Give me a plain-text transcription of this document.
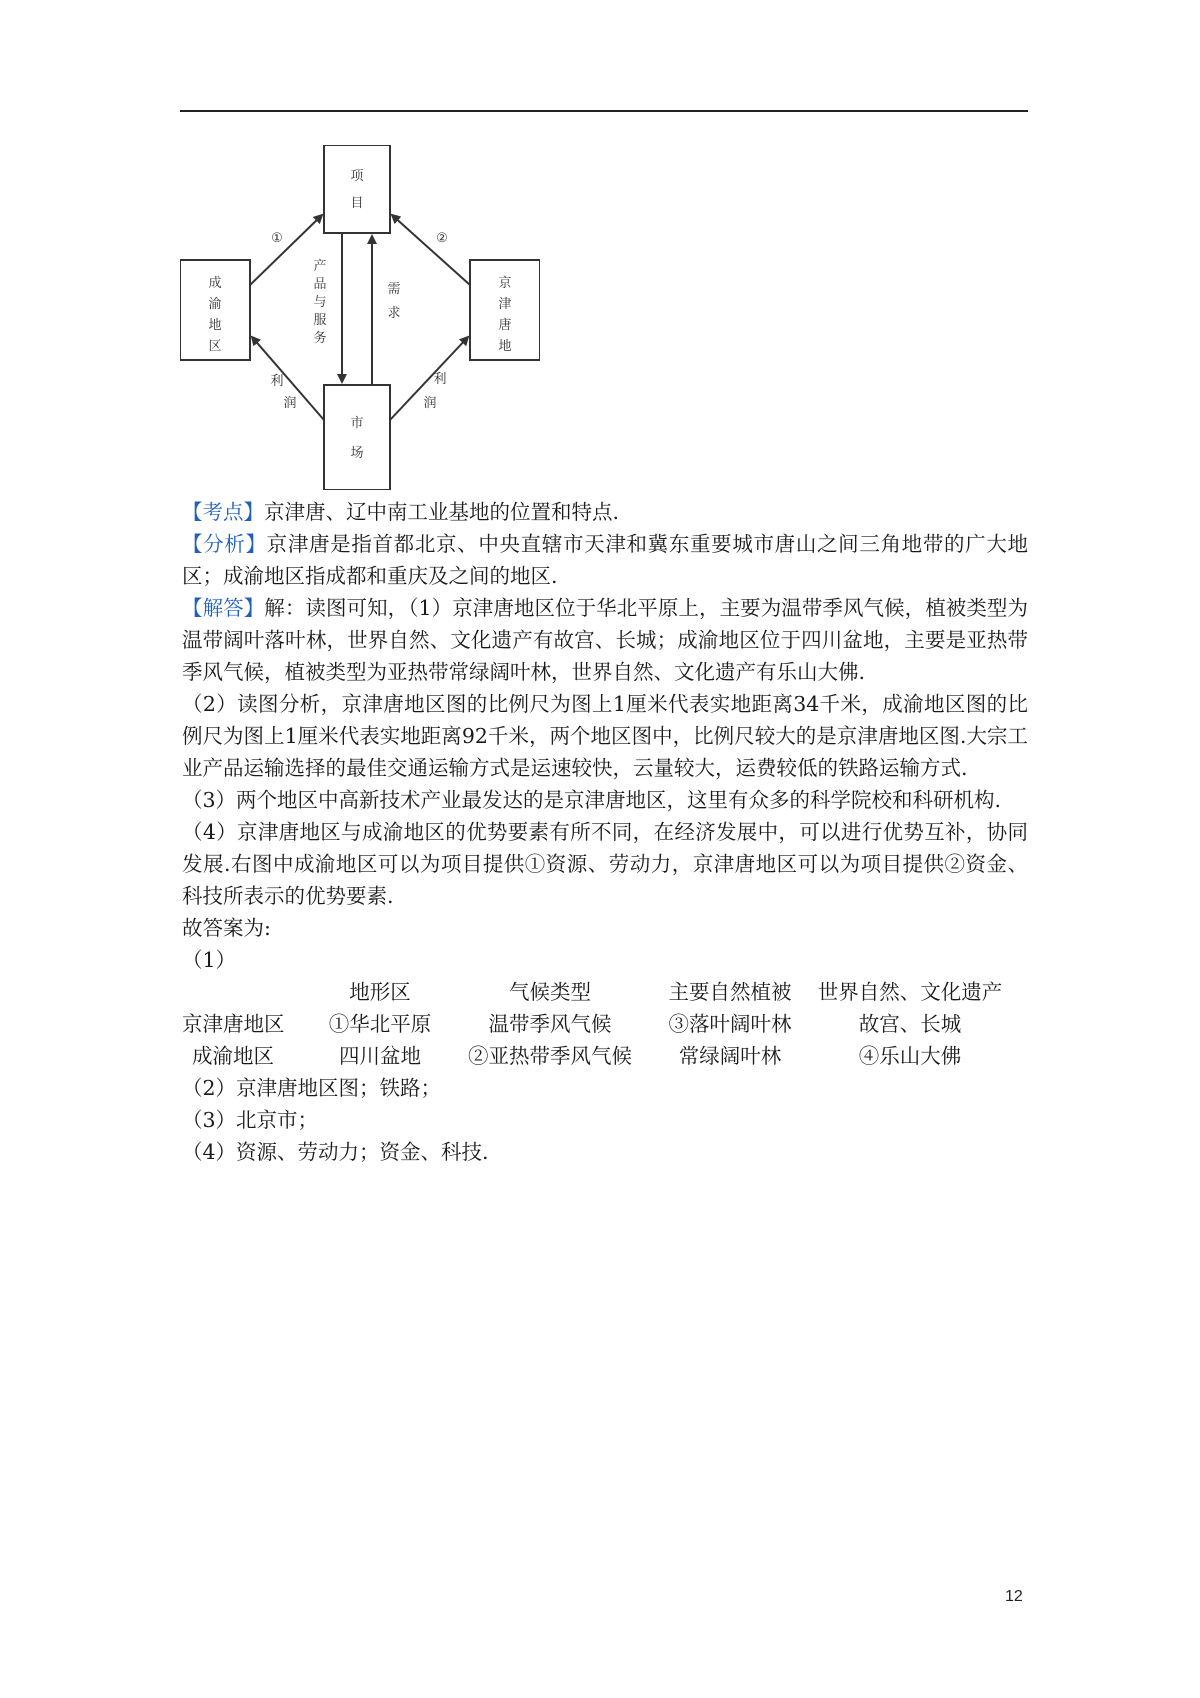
项
目
成
渝
地
区
京
津
唐
地
市
场
①	②
产
品
与
服
务
需
求
利
润
利
润

【考点】京津唐、辽中南工业基地的位置和特点.

【分析】京津唐是指首都北京、中央直辖市天津和冀东重要城市唐山之间三角地带的广大地区；成渝地区指成都和重庆及之间的地区.

【解答】解：读图可知，（1）京津唐地区位于华北平原上，主要为温带季风气候，植被类型为温带阔叶落叶林，世界自然、文化遗产有故宫、长城；成渝地区位于四川盆地，主要是亚热带季风气候，植被类型为亚热带常绿阔叶林，世界自然、文化遗产有乐山大佛.

（2）读图分析，京津唐地区图的比例尺为图上1厘米代表实地距离34千米，成渝地区图的比例尺为图上1厘米代表实地距离92千米，两个地区图中，比例尺较大的是京津唐地区图.大宗工业产品运输选择的最佳交通运输方式是运速较快，云量较大，运费较低的铁路运输方式.

（3）两个地区中高新技术产业最发达的是京津唐地区，这里有众多的科学院校和科研机构.

（4）京津唐地区与成渝地区的优势要素有所不同，在经济发展中，可以进行优势互补，协同发展.右图中成渝地区可以为项目提供①资源、劳动力，京津唐地区可以为项目提供②资金、科技所表示的优势要素.

故答案为:

（1）

	地形区	气候类型	主要自然植被	世界自然、文化遗产
京津唐地区	①华北平原	温带季风气候	③落叶阔叶林	故宫、长城
成渝地区	四川盆地	②亚热带季风气候	常绿阔叶林	④乐山大佛

（2）京津唐地区图；铁路；

（3）北京市；

（4）资源、劳动力；资金、科技.

12
